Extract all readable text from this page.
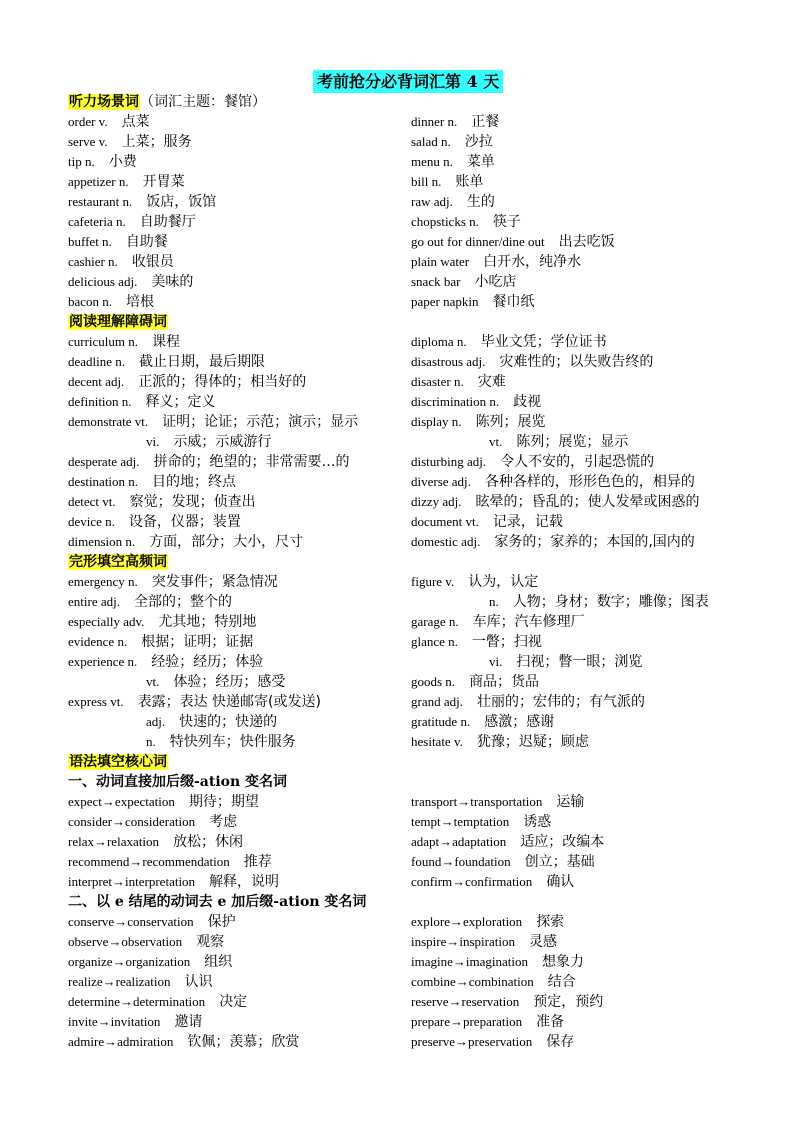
考前抢分必背词汇第 4 天
听力场景词（词汇主题：餐馆）
order v. 点菜	dinner n. 正餐
serve v. 上菜；服务	salad n. 沙拉
tip n. 小费	menu n. 菜单
appetizer n. 开胃菜	bill n. 账单
restaurant n. 饭店，饭馆	raw adj. 生的
cafeteria n. 自助餐厅	chopsticks n. 筷子
buffet n. 自助餐	go out for dinner/dine out 出去吃饭
cashier n. 收银员	plain water 白开水，纯净水
delicious adj. 美味的	snack bar 小吃店
bacon n. 培根	paper napkin 餐巾纸
阅读理解障碍词
curriculum n. 课程	diploma n. 毕业文凭；学位证书
deadline n. 截止日期，最后期限	disastrous adj. 灾难性的；以失败告终的
decent adj. 正派的；得体的；相当好的	disaster n. 灾难
definition n. 释义；定义	discrimination n. 歧视
demonstrate vt. 证明；论证；示范；演示；显示	display n. 陈列；展览
vi. 示威；示威游行	vt. 陈列；展览；显示
desperate adj. 拼命的；绝望的；非常需要…的	disturbing adj. 令人不安的，引起恐慌的
destination n. 目的地；终点	diverse adj. 各种各样的，形形色色的，相异的
detect vt. 察觉；发现；侦查出	dizzy adj. 眩晕的；昏乱的；使人发晕或困惑的
device n. 设备，仪器；装置	document vt. 记录，记载
dimension n. 方面，部分；大小，尺寸	domestic adj. 家务的；家养的；本国的,国内的
完形填空高频词
emergency n. 突发事件；紧急情况	figure v. 认为，认定
entire adj. 全部的；整个的	n. 人物；身材；数字；雕像；图表
especially adv. 尤其地；特别地	garage n. 车库；汽车修理厂
evidence n. 根据；证明；证据	glance n. 一瞥；扫视
experience n. 经验；经历；体验	vi. 扫视；瞥一眼；浏览
vt. 体验；经历；感受	goods n. 商品；货品
express vt. 表露；表达 快递邮寄(或发送)	grand adj. 壮丽的；宏伟的；有气派的
adj. 快速的；快递的	gratitude n. 感激；感谢
n. 特快列车；快件服务	hesitate v. 犹豫；迟疑；顾虑
语法填空核心词
一、动词直接加后缀-ation 变名词
expect→expectation 期待；期望	transport→transportation 运输
consider→consideration 考虑	tempt→temptation 诱惑
relax→relaxation 放松；休闲	adapt→adaptation 适应；改编本
recommend→recommendation 推荐	found→foundation 创立；基础
interpret→interpretation 解释，说明	confirm→confirmation 确认
二、以 e 结尾的动词去 e 加后缀-ation 变名词
conserve→conservation 保护	explore→exploration 探索
observe→observation 观察	inspire→inspiration 灵感
organize→organization 组织	imagine→imagination 想象力
realize→realization 认识	combine→combination 结合
determine→determination 决定	reserve→reservation 预定，预约
invite→invitation 邀请	prepare→preparation 准备
admire→admiration 钦佩；羡慕；欣赏	preserve→preservation 保存
